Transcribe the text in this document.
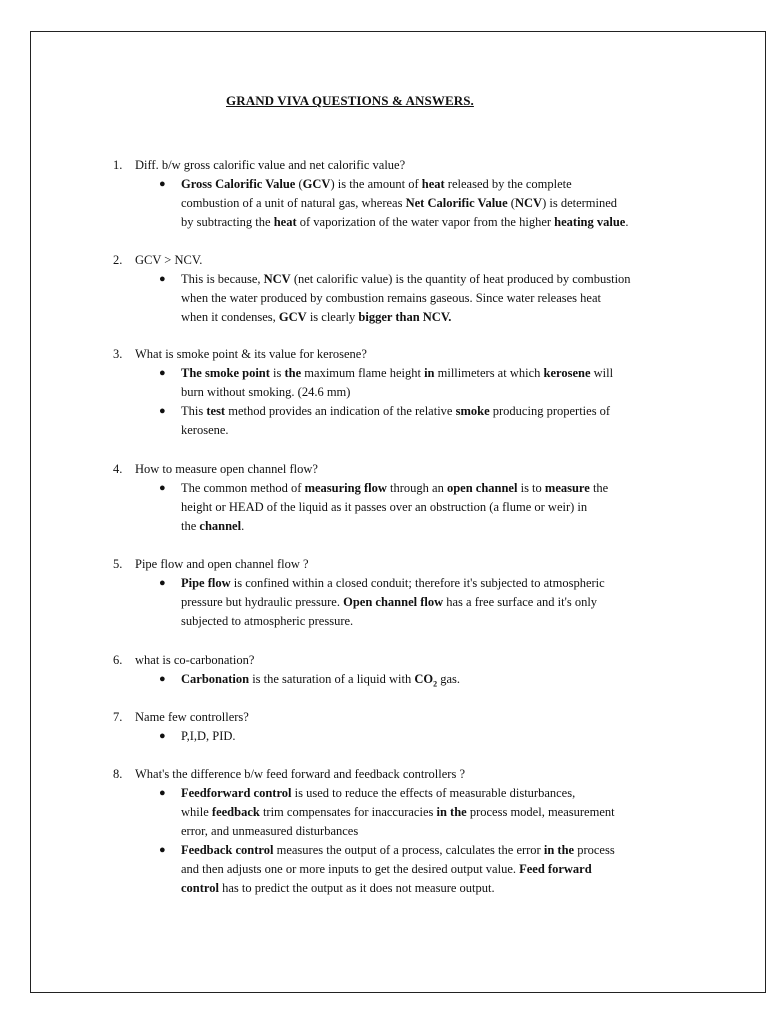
GRAND VIVA QUESTIONS & ANSWERS.
1. Diff. b/w gross calorific value and net calorific value?
● Gross Calorific Value (GCV) is the amount of heat released by the complete
combustion of a unit of natural gas, whereas Net Calorific Value (NCV) is determined
by subtracting the heat of vaporization of the water vapor from the higher heating value.
2. GCV > NCV.
● This is because, NCV (net calorific value) is the quantity of heat produced by combustion
when the water produced by combustion remains gaseous. Since water releases heat
when it condenses, GCV is clearly bigger than NCV.
3. What is smoke point & its value for kerosene?
● The smoke point is the maximum flame height in millimeters at which kerosene will
burn without smoking. (24.6 mm)
● This test method provides an indication of the relative smoke producing properties of
kerosene.
4. How to measure open channel flow?
● The common method of measuring flow through an open channel is to measure the
height or HEAD of the liquid as it passes over an obstruction (a flume or weir) in
the channel.
5. Pipe flow and open channel flow ?
● Pipe flow is confined within a closed conduit; therefore it's subjected to atmospheric
pressure but hydraulic pressure. Open channel flow has a free surface and it's only
subjected to atmospheric pressure.
6. what is co-carbonation?
● Carbonation is the saturation of a liquid with $CO_2$ gas.
7. Name few controllers?
● P,I,D, PID.
8. What's the difference b/w feed forward and feedback controllers ?
● Feedforward control is used to reduce the effects of measurable disturbances,
while feedback trim compensates for inaccuracies in the process model, measurement
error, and unmeasured disturbances
● Feedback control measures the output of a process, calculates the error in the process
and then adjusts one or more inputs to get the desired output value. Feed forward
control has to predict the output as it does not measure output.
